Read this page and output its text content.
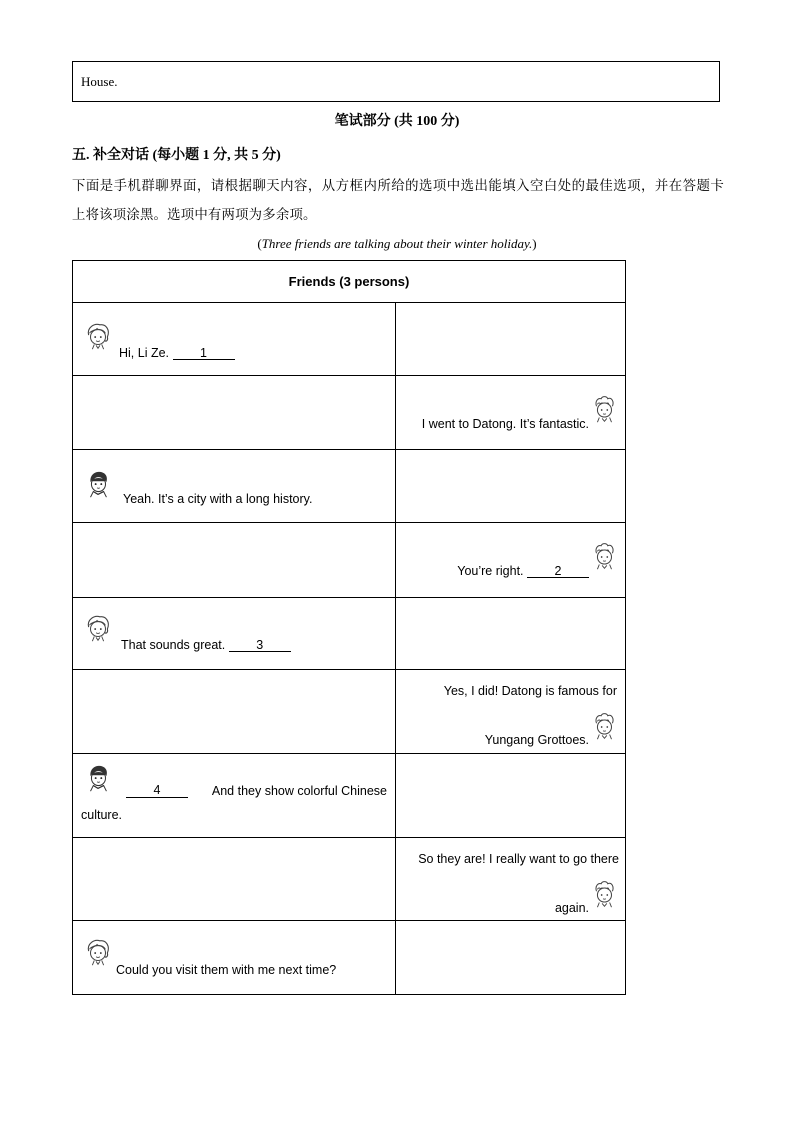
House.
笔试部分 (共 100 分)
五. 补全对话 (每小题 1 分, 共 5 分)
下面是手机群聊界面，请根据聊天内容，从方框内所给的选项中选出能填入空白处的最佳选项，并在答题卡上将该项涂黑。选项中有两项为多余项。
(Three friends are talking about their winter holiday.)
Friends (3 persons)	

Hi, Li Ze. 1	

	I went to Datong. It’s fantastic.

Yeah. It’s a city with a long history.	

	You’re right. 2

That sounds great. 3	

	Yes, I did! Datong is famous for
Yungang Grottoes.

4 And they show colorful Chinese
culture.	

	So they are! I really want to go there
again.

Could you visit them with me next time?	
